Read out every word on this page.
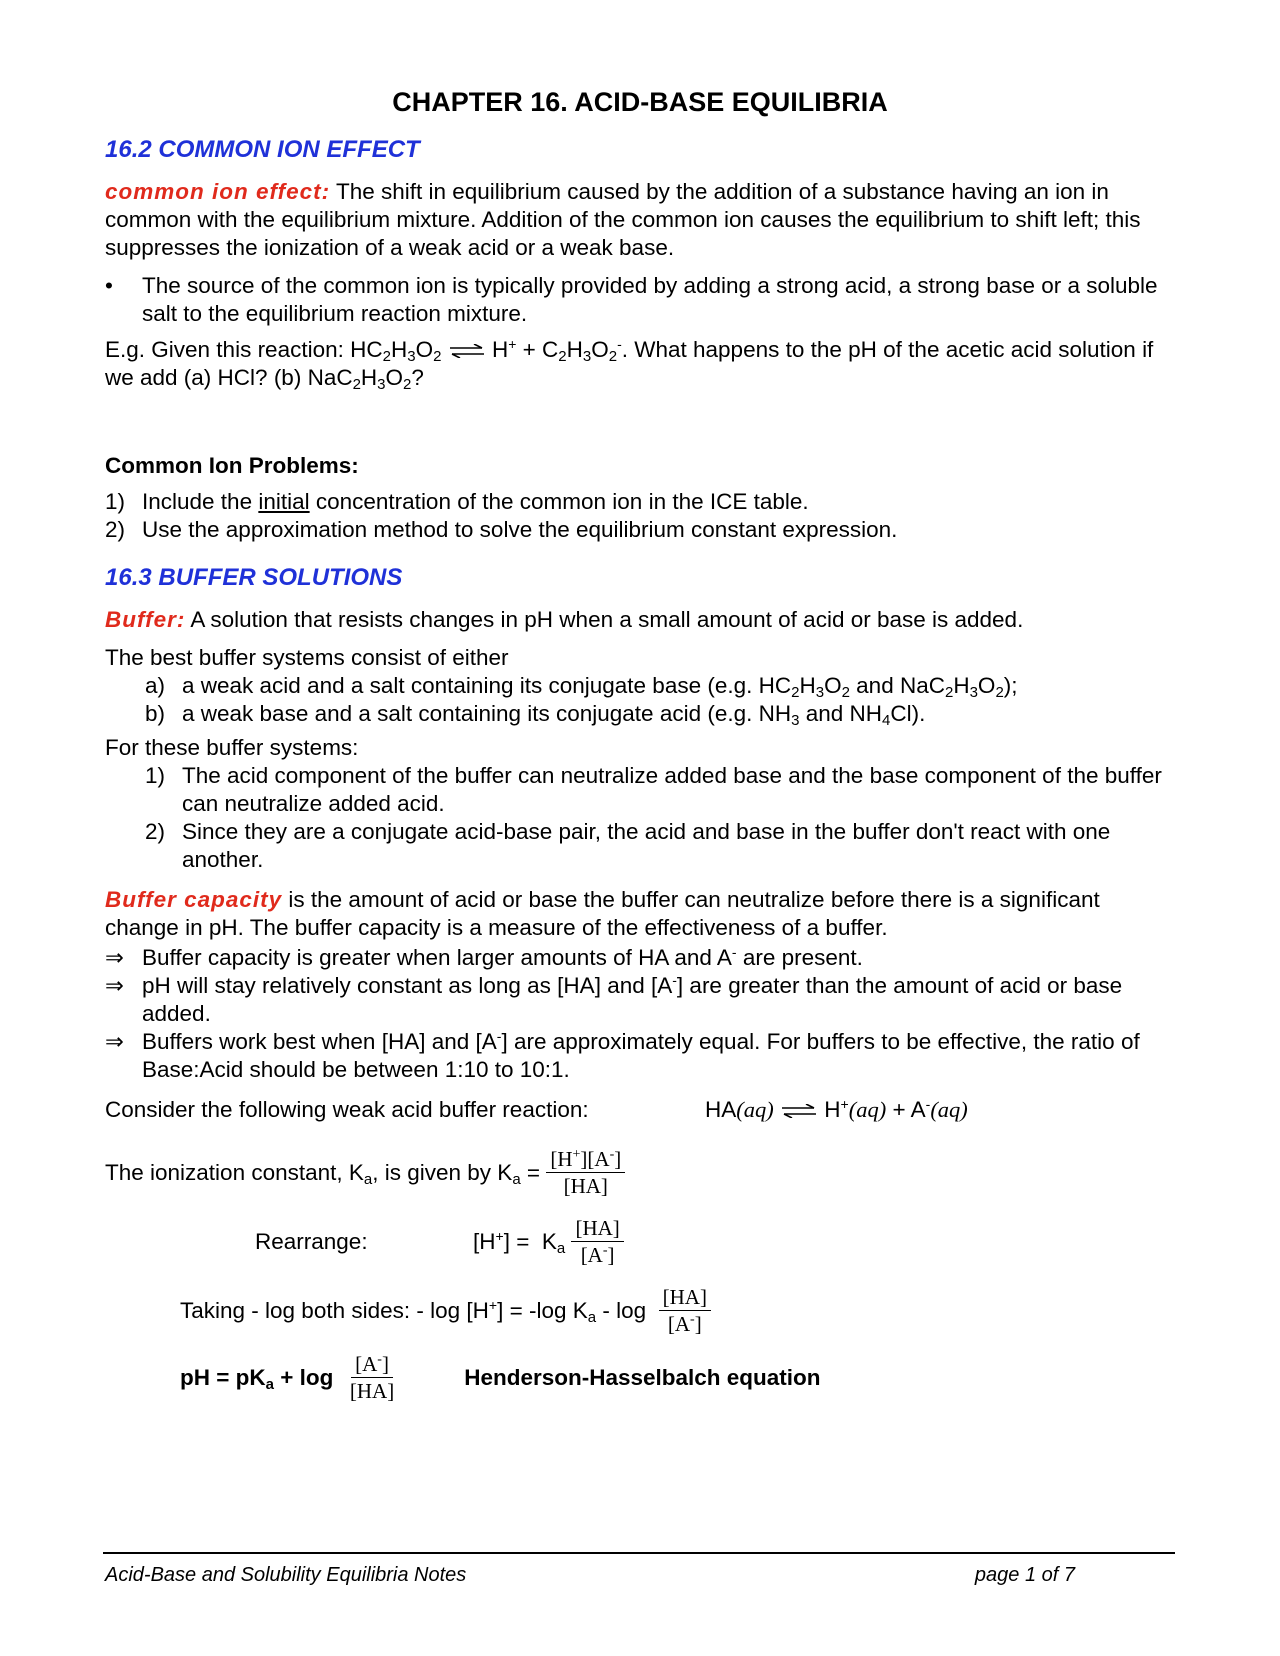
CHAPTER 16. ACID-BASE EQUILIBRIA
16.2 COMMON ION EFFECT

common ion effect: The shift in equilibrium caused by the addition of a substance having an ion in common with the equilibrium mixture. Addition of the common ion causes the equilibrium to shift left; this suppresses the ionization of a weak acid or a weak base.

•	The source of the common ion is typically provided by adding a strong acid, a strong base or a soluble salt to the equilibrium reaction mixture.

E.g. Given this reaction: $HC_2H_3O_2$ ⇌ $H^+ + C_2H_3O_2^-$. What happens to the pH of the acetic acid solution if we add (a) HCl? (b) $NaC_2H_3O_2$?

Common Ion Problems:

1) Include the initial concentration of the common ion in the ICE table.
2) Use the approximation method to solve the equilibrium constant expression.
16.3 BUFFER SOLUTIONS

Buffer: A solution that resists changes in pH when a small amount of acid or base is added.

The best buffer systems consist of either
a) a weak acid and a salt containing its conjugate base (e.g. $HC_2H_3O_2$ and $NaC_2H_3O_2$);
b) a weak base and a salt containing its conjugate acid (e.g. $NH_3$ and $NH_4Cl$).
For these buffer systems:
1) The acid component of the buffer can neutralize added base and the base component of the buffer can neutralize added acid.
2) Since they are a conjugate acid-base pair, the acid and base in the buffer don't react with one another.

Buffer capacity is the amount of acid or base the buffer can neutralize before there is a significant change in pH. The buffer capacity is a measure of the effectiveness of a buffer.

⇒ Buffer capacity is greater when larger amounts of HA and A- are present.
⇒ pH will stay relatively constant as long as [HA] and [A-] are greater than the amount of acid or base added.
⇒ Buffers work best when [HA] and [A-] are approximately equal. For buffers to be effective, the ratio of Base:Acid should be between 1:10 to 10:1.
Consider the following weak acid buffer reaction:	HA(aq) ⇌ H+(aq) + A-(aq)
The ionization constant, $K_a$, is given by $K_a = \frac{[H^+][A^-]}{[HA]}$
Rearrange:	$[H^+] = K_a \frac{[HA]}{[A^-]}$
Taking - log both sides: - log [H+] = -log $K_a$ - $\log \frac{[HA]}{[A^-]}$
pH = $pK_a + \log \frac{[A^-]}{[HA]}$	Henderson-Hasselbalch equation
Acid-Base and Solubility Equilibria Notes	page 1 of 7
